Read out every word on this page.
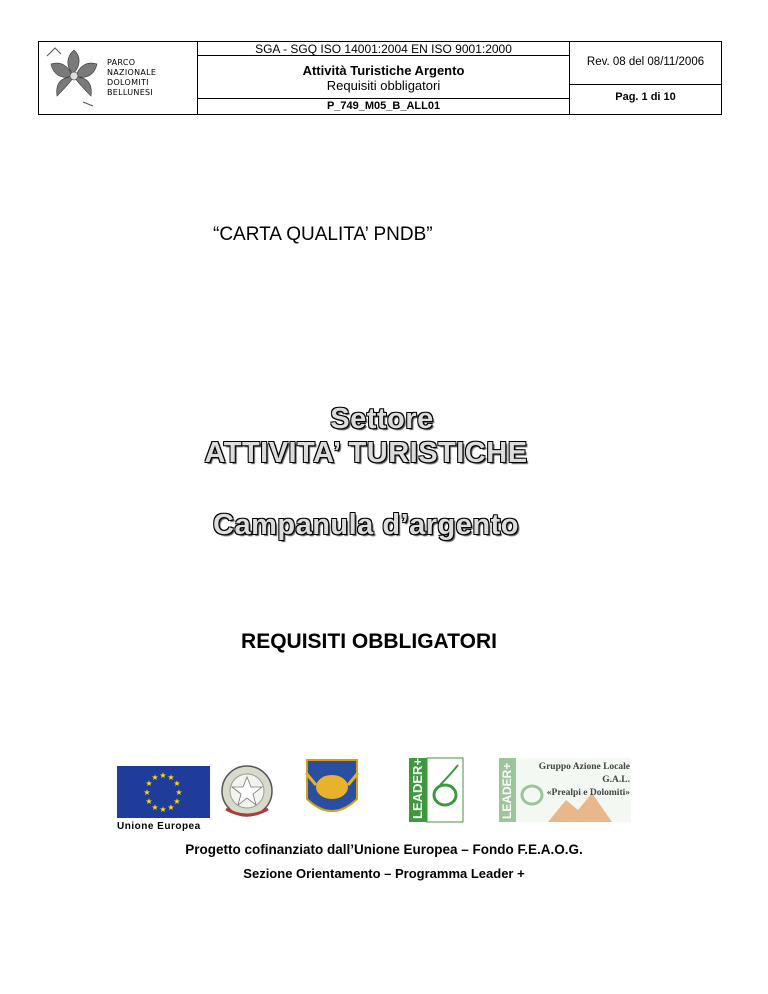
PARCO
NAZIONALE
DOLOMITI
BELLUNESI
SGA - SGQ ISO 14001:2004 EN ISO 9001:2000
Attività Turistiche Argento
Requisiti obbligatori
P_749_M05_B_ALL01
Rev. 08 del 08/11/2006
Pag. 1 di 10
“CARTA QUALITA’ PNDB”
Settore
ATTIVITA’ TURISTICHE
Campanula d’argento
REQUISITI OBBLIGATORI
★ ★
★
★
★
★
★
★
★
★
★
★	LEADER+	LEADER+	Gruppo Azione Locale
G.A.L.
«Prealpi e Dolomiti»
Unione Europea
Progetto cofinanziato dall’Unione Europea – Fondo F.E.A.O.G.
Sezione Orientamento – Programma Leader +
